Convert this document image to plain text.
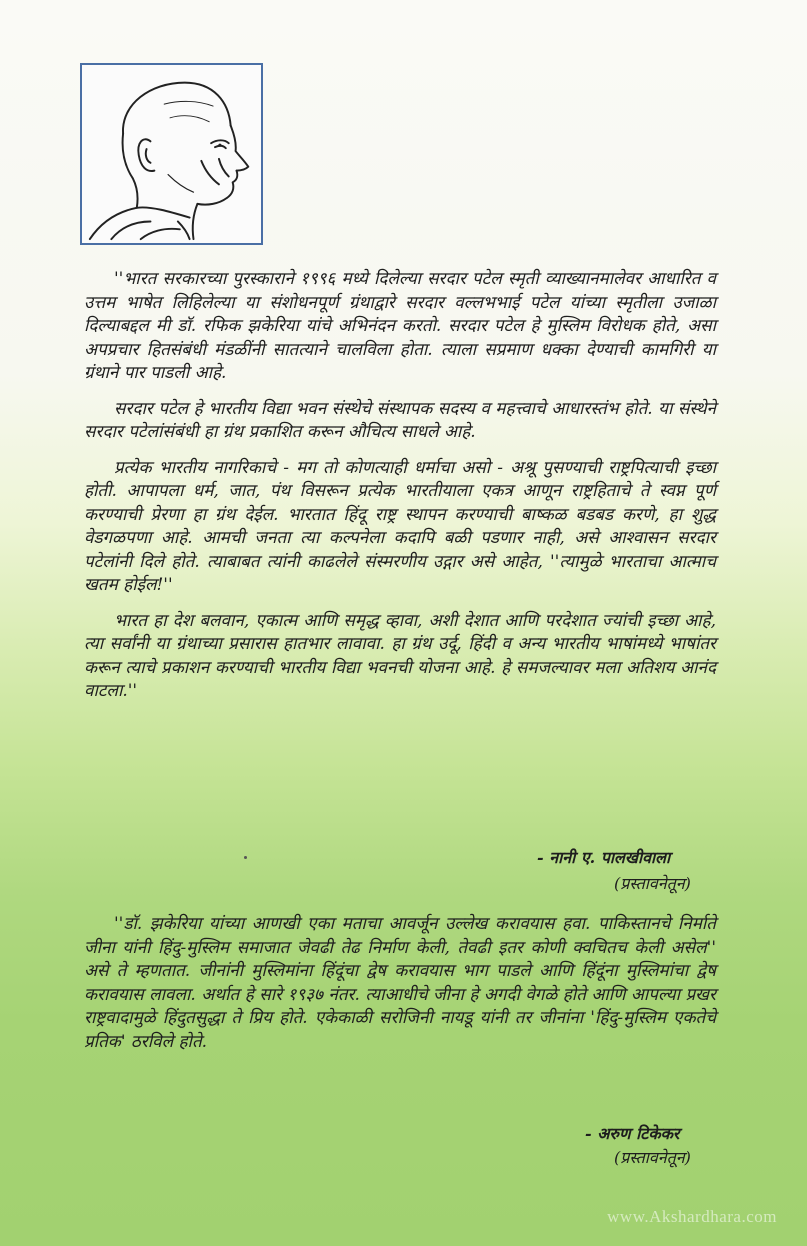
''भारत सरकारच्या पुरस्काराने १९९६ मध्ये दिलेल्या सरदार पटेल स्मृती व्याख्यानमालेवर आधारित व उत्तम भाषेत लिहिलेल्या या संशोधनपूर्ण ग्रंथाद्वारे सरदार वल्लभभाई पटेल यांच्या स्मृतीला उजाळा दिल्याबद्दल मी डॉ. रफिक झकेरिया यांचे अभिनंदन करतो. सरदार पटेल हे मुस्लिम विरोधक होते, असा अपप्रचार हितसंबंधी मंडळींनी सातत्याने चालविला होता. त्याला सप्रमाण धक्का देण्याची कामगिरी या ग्रंथाने पार पाडली आहे.

सरदार पटेल हे भारतीय विद्या भवन संस्थेचे संस्थापक सदस्य व महत्त्वाचे आधारस्तंभ होते. या संस्थेने सरदार पटेलांसंबंधी हा ग्रंथ प्रकाशित करून औचित्य साधले आहे.

प्रत्येक भारतीय नागरिकाचे - मग तो कोणत्याही धर्माचा असो - अश्रू पुसण्याची राष्ट्रपित्याची इच्छा होती. आपापला धर्म, जात, पंथ विसरून प्रत्येक भारतीयाला एकत्र आणून राष्ट्रहिताचे ते स्वप्न पूर्ण करण्याची प्रेरणा हा ग्रंथ देईल. भारतात हिंदू राष्ट्र स्थापन करण्याची बाष्कळ बडबड करणे, हा शुद्ध वेडगळपणा आहे. आमची जनता त्या कल्पनेला कदापि बळी पडणार नाही, असे आश्वासन सरदार पटेलांनी दिले होते. त्याबाबत त्यांनी काढलेले संस्मरणीय उद्गार असे आहेत, ''त्यामुळे भारताचा आत्माच खतम होईल!''

भारत हा देश बलवान, एकात्म आणि समृद्ध व्हावा, अशी देशात आणि परदेशात ज्यांची इच्छा आहे, त्या सर्वांनी या ग्रंथाच्या प्रसारास हातभार लावावा. हा ग्रंथ उर्दू, हिंदी व अन्य भारतीय भाषांमध्ये भाषांतर करून त्याचे प्रकाशन करण्याची भारतीय विद्या भवनची योजना आहे. हे समजल्यावर मला अतिशय आनंद वाटला.''

- नानी ए. पालखीवाला
(प्रस्तावनेतून)

''डॉ. झकेरिया यांच्या आणखी एका मताचा आवर्जून उल्लेख करावयास हवा. पाकिस्तानचे निर्माते जीना यांनी हिंदु-मुस्लिम समाजात जेवढी तेढ निर्माण केली, तेवढी इतर कोणी क्वचितच केली असेल'' असे ते म्हणतात. जीनांनी मुस्लिमांना हिंदूंचा द्वेष करावयास भाग पाडले आणि हिंदूंना मुस्लिमांचा द्वेष करावयास लावला. अर्थात हे सारे १९३७ नंतर. त्याआधीचे जीना हे अगदी वेगळे होते आणि आपल्या प्रखर राष्ट्रवादामुळे हिंदुतसुद्धा ते प्रिय होते. एकेकाळी सरोजिनी नायडू यांनी तर जीनांना 'हिंदु-मुस्लिम एकतेचे प्रतिक' ठरविले होते.

- अरुण टिकेकर
(प्रस्तावनेतून)
www.Akshardhara.com
